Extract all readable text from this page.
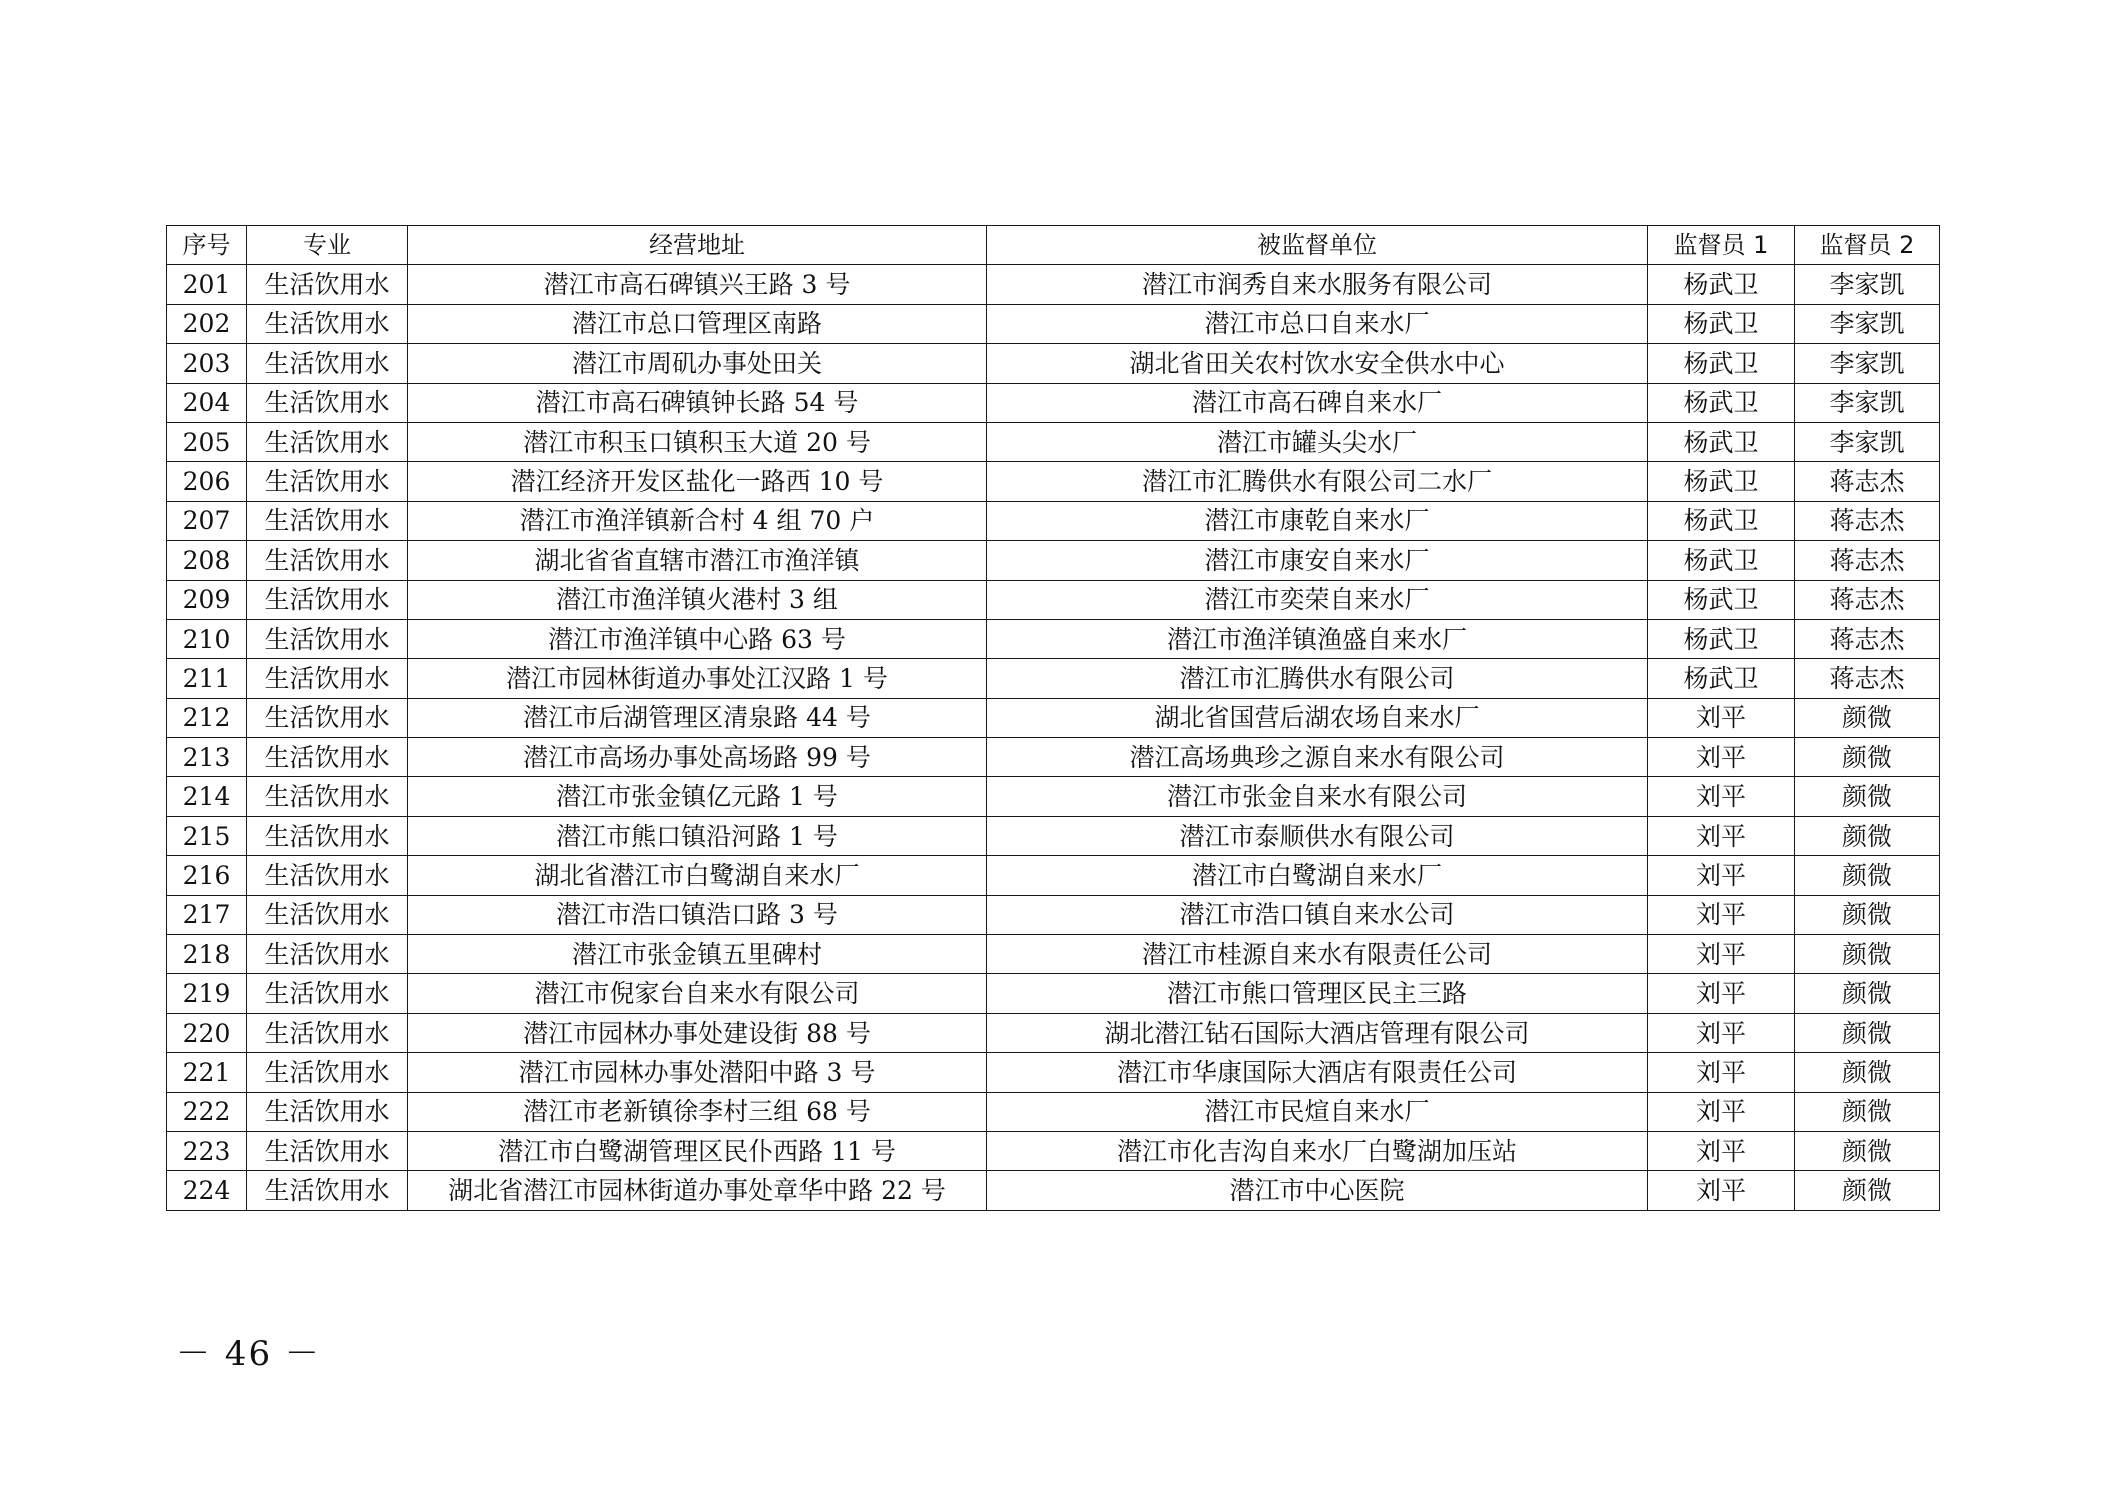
序号	专业	经营地址	被监督单位	监督员 1	监督员 2
201	生活饮用水	潜江市高石碑镇兴王路 3 号	潜江市润秀自来水服务有限公司	杨武卫	李家凯
202	生活饮用水	潜江市总口管理区南路	潜江市总口自来水厂	杨武卫	李家凯
203	生活饮用水	潜江市周矶办事处田关	湖北省田关农村饮水安全供水中心	杨武卫	李家凯
204	生活饮用水	潜江市高石碑镇钟长路 54 号	潜江市高石碑自来水厂	杨武卫	李家凯
205	生活饮用水	潜江市积玉口镇积玉大道 20 号	潜江市罐头尖水厂	杨武卫	李家凯
206	生活饮用水	潜江经济开发区盐化一路西 10 号	潜江市汇腾供水有限公司二水厂	杨武卫	蒋志杰
207	生活饮用水	潜江市渔洋镇新合村 4 组 70 户	潜江市康乾自来水厂	杨武卫	蒋志杰
208	生活饮用水	湖北省省直辖市潜江市渔洋镇	潜江市康安自来水厂	杨武卫	蒋志杰
209	生活饮用水	潜江市渔洋镇火港村 3 组	潜江市奕荣自来水厂	杨武卫	蒋志杰
210	生活饮用水	潜江市渔洋镇中心路 63 号	潜江市渔洋镇渔盛自来水厂	杨武卫	蒋志杰
211	生活饮用水	潜江市园林街道办事处江汉路 1 号	潜江市汇腾供水有限公司	杨武卫	蒋志杰
212	生活饮用水	潜江市后湖管理区清泉路 44 号	湖北省国营后湖农场自来水厂	刘平	颜微
213	生活饮用水	潜江市高场办事处高场路 99 号	潜江高场典珍之源自来水有限公司	刘平	颜微
214	生活饮用水	潜江市张金镇亿元路 1 号	潜江市张金自来水有限公司	刘平	颜微
215	生活饮用水	潜江市熊口镇沿河路 1 号	潜江市泰顺供水有限公司	刘平	颜微
216	生活饮用水	湖北省潜江市白鹭湖自来水厂	潜江市白鹭湖自来水厂	刘平	颜微
217	生活饮用水	潜江市浩口镇浩口路 3 号	潜江市浩口镇自来水公司	刘平	颜微
218	生活饮用水	潜江市张金镇五里碑村	潜江市桂源自来水有限责任公司	刘平	颜微
219	生活饮用水	潜江市倪家台自来水有限公司	潜江市熊口管理区民主三路	刘平	颜微
220	生活饮用水	潜江市园林办事处建设街 88 号	湖北潜江钻石国际大酒店管理有限公司	刘平	颜微
221	生活饮用水	潜江市园林办事处潜阳中路 3 号	潜江市华康国际大酒店有限责任公司	刘平	颜微
222	生活饮用水	潜江市老新镇徐李村三组 68 号	潜江市民煊自来水厂	刘平	颜微
223	生活饮用水	潜江市白鹭湖管理区民仆西路 11 号	潜江市化吉沟自来水厂白鹭湖加压站	刘平	颜微
224	生活饮用水	湖北省潜江市园林街道办事处章华中路 22 号	潜江市中心医院	刘平	颜微
－ 46 －
